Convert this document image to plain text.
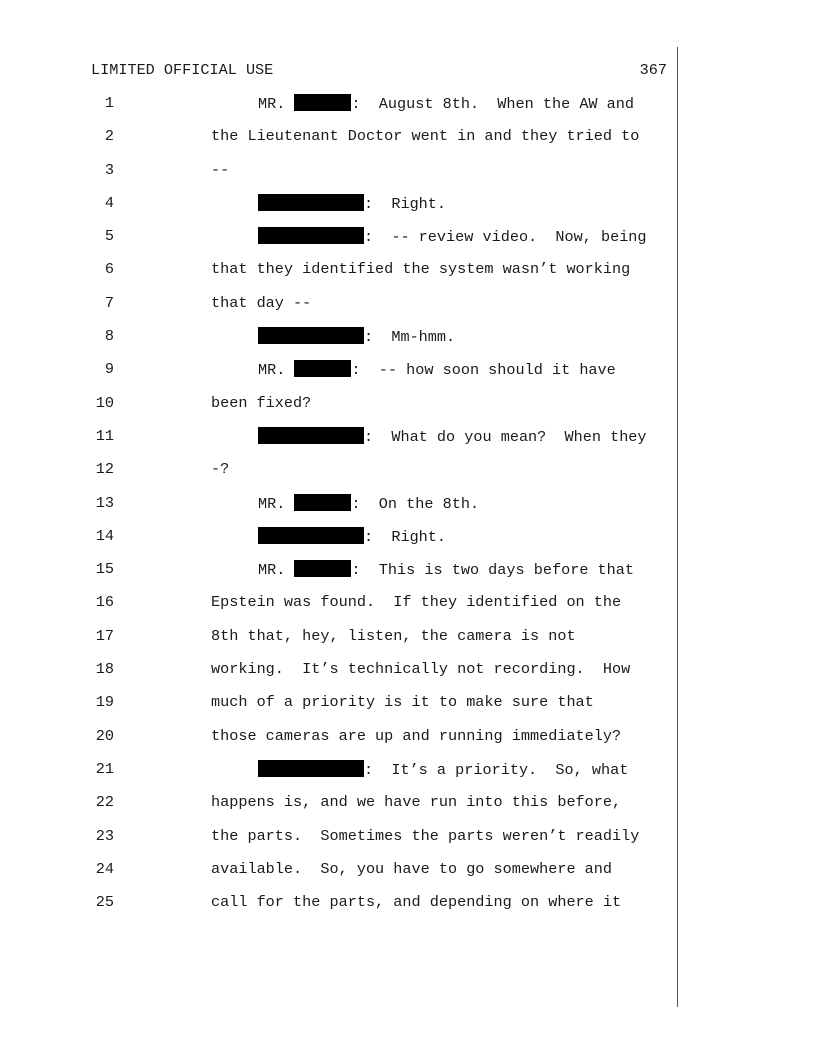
LIMITED OFFICIAL USE	367
1	MR.	:  August 8th.  When the AW and
2	the Lieutenant Doctor went in and they tried to
3	--
4	:  Right.
5	:  -- review video.  Now, being
6	that they identified the system wasn’t working
7	that day --
8	:  Mm-hmm.
9	MR.	:  -- how soon should it have
10	been fixed?
11	:  What do you mean?  When they
12	-?
13	MR.	:  On the 8th.
14	:  Right.
15	MR.	:  This is two days before that
16	Epstein was found.  If they identified on the
17	8th that, hey, listen, the camera is not
18	working.  It’s technically not recording.  How
19	much of a priority is it to make sure that
20	those cameras are up and running immediately?
21	:  It’s a priority.  So, what
22	happens is, and we have run into this before,
23	the parts.  Sometimes the parts weren’t readily
24	available.  So, you have to go somewhere and
25	call for the parts, and depending on where it
